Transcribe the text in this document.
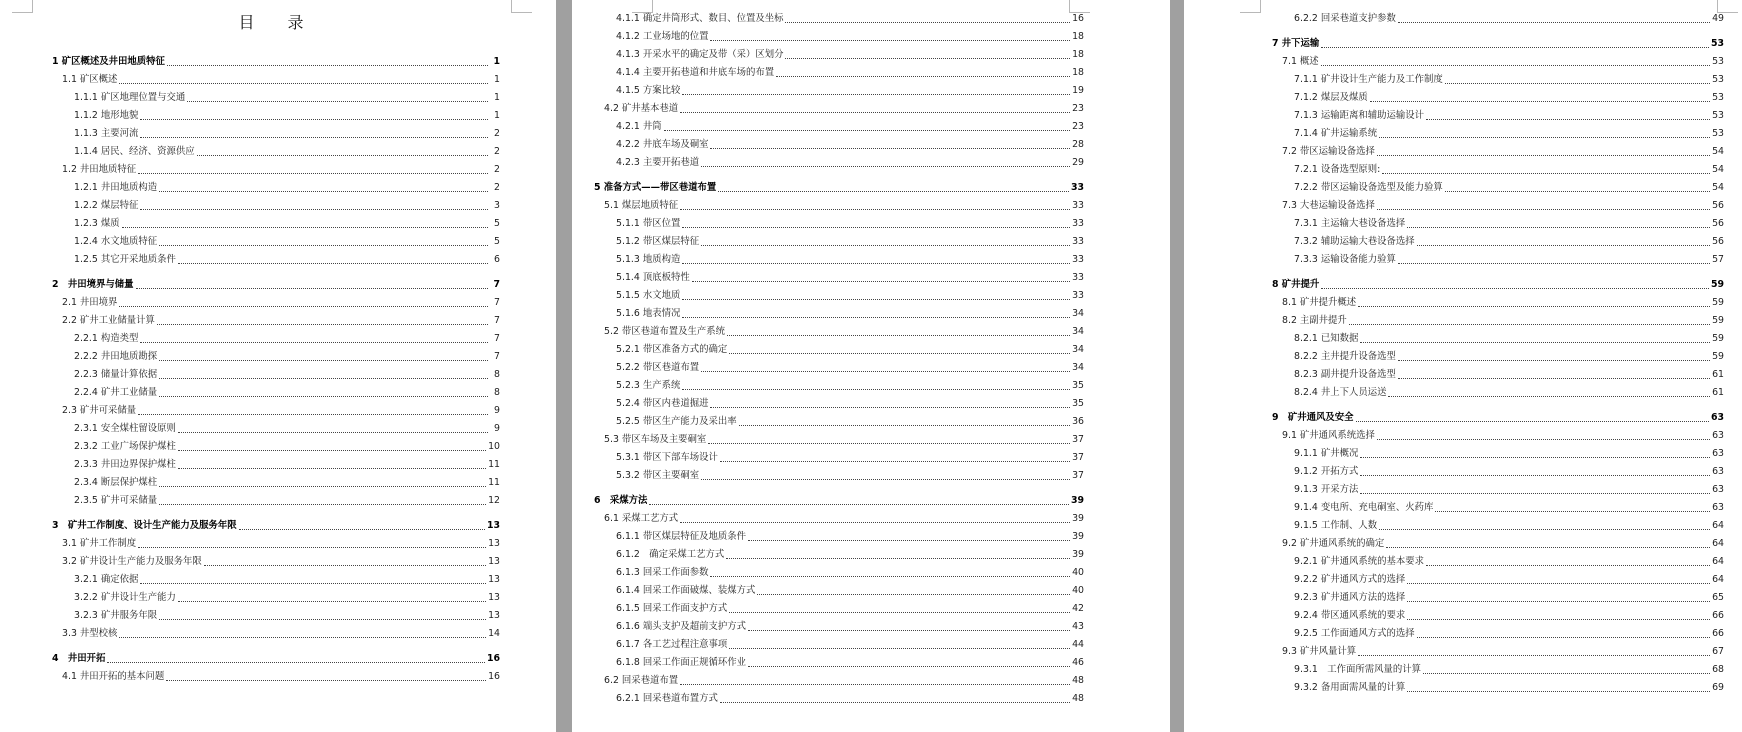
目 录
1 矿区概述及井田地质特征	1
1.1 矿区概述	1
1.1.1 矿区地理位置与交通	1
1.1.2 地形地貌	1
1.1.3 主要河流	2
1.1.4 居民、经济、资源供应	2
1.2 井田地质特征	2
1.2.1 井田地质构造	2
1.2.2 煤层特征	3
1.2.3 煤质	5
1.2.4 水文地质特征	5
1.2.5 其它开采地质条件	6
2　井田境界与储量	7
2.1 井田境界	7
2.2 矿井工业储量计算	7
2.2.1 构造类型	7
2.2.2 井田地质勘探	7
2.2.3 储量计算依据	8
2.2.4 矿井工业储量	8
2.3 矿井可采储量	9
2.3.1 安全煤柱留设原则	9
2.3.2 工业广场保护煤柱	10
2.3.3 井田边界保护煤柱	11
2.3.4 断层保护煤柱	11
2.3.5 矿井可采储量	12
3　矿井工作制度、设计生产能力及服务年限	13
3.1 矿井工作制度	13
3.2 矿井设计生产能力及服务年限	13
3.2.1 确定依据	13
3.2.2 矿井设计生产能力	13
3.2.3 矿井服务年限	13
3.3 井型校核	14
4　井田开拓	16
4.1 井田开拓的基本问题	16
4.1.1 确定井筒形式、数目、位置及坐标	16
4.1.2 工业场地的位置	18
4.1.3 开采水平的确定及带（采）区划分	18
4.1.4 主要开拓巷道和井底车场的布置	18
4.1.5 方案比较	19
4.2 矿井基本巷道	23
4.2.1 井筒	23
4.2.2 井底车场及硐室	28
4.2.3 主要开拓巷道	29
5 准备方式——带区巷道布置	33
5.1 煤层地质特征	33
5.1.1 带区位置	33
5.1.2 带区煤层特征	33
5.1.3 地质构造	33
5.1.4 顶底板特性	33
5.1.5 水文地质	33
5.1.6 地表情况	34
5.2 带区巷道布置及生产系统	34
5.2.1 带区准备方式的确定	34
5.2.2 带区巷道布置	34
5.2.3 生产系统	35
5.2.4 带区内巷道掘进	35
5.2.5 带区生产能力及采出率	36
5.3 带区车场及主要硐室	37
5.3.1 带区下部车场设计	37
5.3.2 带区主要硐室	37
6　采煤方法	39
6.1 采煤工艺方式	39
6.1.1 带区煤层特征及地质条件	39
6.1.2　确定采煤工艺方式	39
6.1.3 回采工作面参数	40
6.1.4 回采工作面破煤、装煤方式	40
6.1.5 回采工作面支护方式	42
6.1.6 端头支护及超前支护方式	43
6.1.7 各工艺过程注意事项	44
6.1.8 回采工作面正规循环作业	46
6.2 回采巷道布置	48
6.2.1 回采巷道布置方式	48
6.2.2 回采巷道支护参数	49
7 井下运输	53
7.1 概述	53
7.1.1 矿井设计生产能力及工作制度	53
7.1.2 煤层及煤质	53
7.1.3 运输距离和辅助运输设计	53
7.1.4 矿井运输系统	53
7.2 带区运输设备选择	54
7.2.1 设备选型原则:	54
7.2.2 带区运输设备选型及能力验算	54
7.3 大巷运输设备选择	56
7.3.1 主运输大巷设备选择	56
7.3.2 辅助运输大巷设备选择	56
7.3.3 运输设备能力验算	57
8 矿井提升	59
8.1 矿井提升概述	59
8.2 主副井提升	59
8.2.1 已知数据	59
8.2.2 主井提升设备选型	59
8.2.3 副井提升设备选型	61
8.2.4 井上下人员运送	61
9　矿井通风及安全	63
9.1 矿井通风系统选择	63
9.1.1 矿井概况	63
9.1.2 开拓方式	63
9.1.3 开采方法	63
9.1.4 变电所、充电硐室、火药库	63
9.1.5 工作制、人数	64
9.2 矿井通风系统的确定	64
9.2.1 矿井通风系统的基本要求	64
9.2.2 矿井通风方式的选择	64
9.2.3 矿井通风方法的选择	65
9.2.4 带区通风系统的要求	66
9.2.5 工作面通风方式的选择	66
9.3 矿井风量计算	67
9.3.1　工作面所需风量的计算	68
9.3.2 备用面需风量的计算	69
